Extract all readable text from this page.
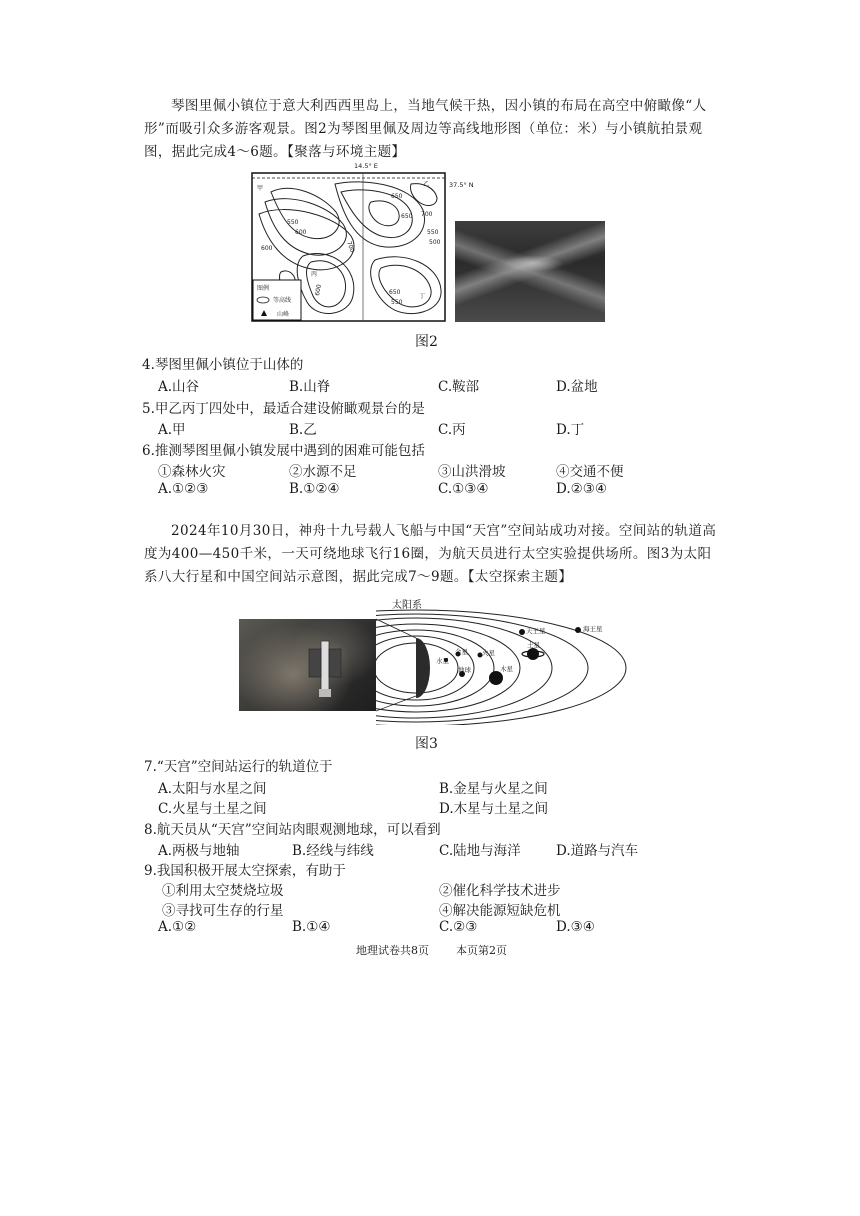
琴图里佩小镇位于意大利西西里岛上，当地气候干热，因小镇的布局在高空中俯瞰像“人形”而吸引众多游客观景。图2为琴图里佩及周边等高线地形图（单位：米）与小镇航拍景观图，据此完成4～6题。【聚落与环境主题】
550
600
650
700
650
550
500
700
600
600	650
550
甲
乙
丙
丁
图例
等高线
山峰
14.5° E
37.5° N
图2
4.琴图里佩小镇位于山体的
A.山谷	B.山脊	C.鞍部	D.盆地
5.甲乙丙丁四处中，最适合建设俯瞰观景台的是
A.甲	B.乙	C.丙	D.丁
6.推测琴图里佩小镇发展中遇到的困难可能包括
①森林火灾	②水源不足	③山洪滑坡	④交通不便
A.①②③	B.①②④	C.①③④	D.②③④
2024年10月30日，神舟十九号载人飞船与中国“天宫”空间站成功对接。空间站的轨道高度为400—450千米，一天可绕地球飞行16圈，为航天员进行太空实验提供场所。图3为太阳系八大行星和中国空间站示意图，据此完成7～9题。【太空探索主题】
太阳系
水星
金星
地球
火星
木星
土星
天王星	海王星
图3
7.“天宫”空间站运行的轨道位于
A.太阳与水星之间	B.金星与火星之间
C.火星与土星之间	D.木星与土星之间
8.航天员从“天宫”空间站肉眼观测地球，可以看到
A.两极与地轴	B.经线与纬线	C.陆地与海洋	D.道路与汽车
9.我国积极开展太空探索，有助于
①利用太空焚烧垃圾	②催化科学技术进步
③寻找可生存的行星	④解决能源短缺危机
A.①②	B.①④	C.②③	D.③④
地理试卷共8页 本页第2页
